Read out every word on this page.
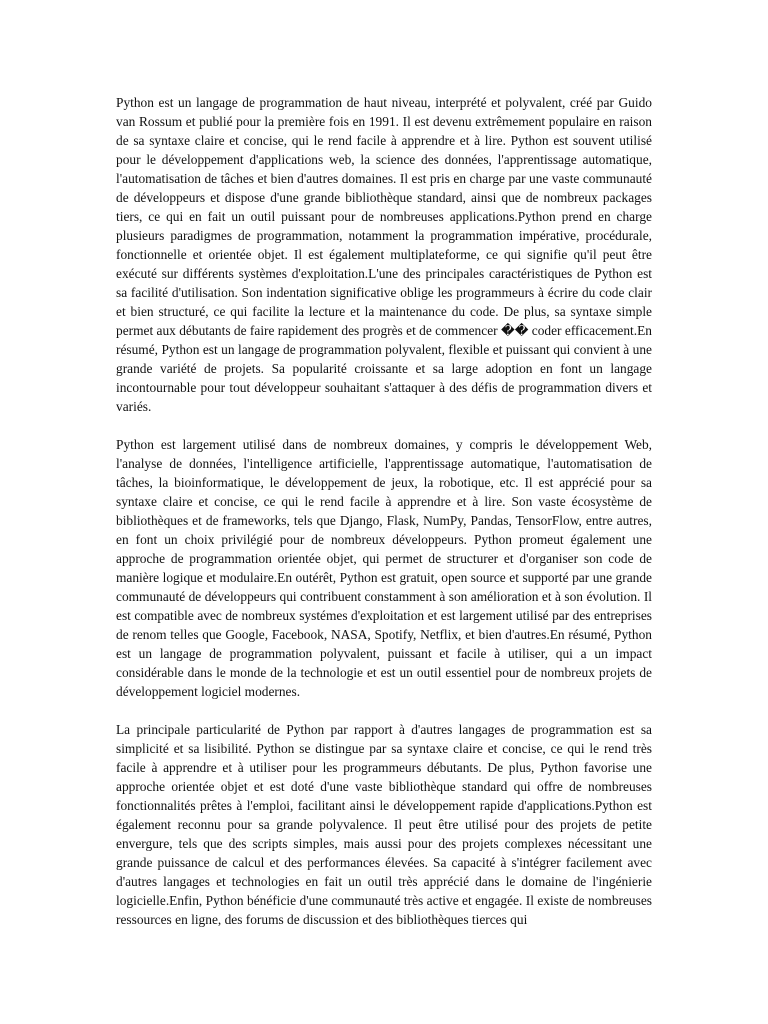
Python est un langage de programmation de haut niveau, interprété et polyvalent, créé par Guido van Rossum et publié pour la première fois en 1991. Il est devenu extrêmement populaire en raison de sa syntaxe claire et concise, qui le rend facile à apprendre et à lire. Python est souvent utilisé pour le développement d'applications web, la science des données, l'apprentissage automatique, l'automatisation de tâches et bien d'autres domaines. Il est pris en charge par une vaste communauté de développeurs et dispose d'une grande bibliothèque standard, ainsi que de nombreux packages tiers, ce qui en fait un outil puissant pour de nombreuses applications.Python prend en charge plusieurs paradigmes de programmation, notamment la programmation impérative, procédurale, fonctionnelle et orientée objet. Il est également multiplateforme, ce qui signifie qu'il peut être exécuté sur différents systèmes d'exploitation.L'une des principales caractéristiques de Python est sa facilité d'utilisation. Son indentation significative oblige les programmeurs à écrire du code clair et bien structuré, ce qui facilite la lecture et la maintenance du code. De plus, sa syntaxe simple permet aux débutants de faire rapidement des progrès et de commencer �� coder efficacement.En résumé, Python est un langage de programmation polyvalent, flexible et puissant qui convient à une grande variété de projets. Sa popularité croissante et sa large adoption en font un langage incontournable pour tout développeur souhaitant s'attaquer à des défis de programmation divers et variés.

Python est largement utilisé dans de nombreux domaines, y compris le développement Web, l'analyse de données, l'intelligence artificielle, l'apprentissage automatique, l'automatisation de tâches, la bioinformatique, le développement de jeux, la robotique, etc. Il est apprécié pour sa syntaxe claire et concise, ce qui le rend facile à apprendre et à lire. Son vaste écosystème de bibliothèques et de frameworks, tels que Django, Flask, NumPy, Pandas, TensorFlow, entre autres, en font un choix privilégié pour de nombreux développeurs. Python promeut également une approche de programmation orientée objet, qui permet de structurer et d'organiser son code de manière logique et modulaire.En outérêt, Python est gratuit, open source et supporté par une grande communauté de développeurs qui contribuent constamment à son amélioration et à son évolution. Il est compatible avec de nombreux systémes d'exploitation et est largement utilisé par des entreprises de renom telles que Google, Facebook, NASA, Spotify, Netflix, et bien d'autres.En résumé, Python est un langage de programmation polyvalent, puissant et facile à utiliser, qui a un impact considérable dans le monde de la technologie et est un outil essentiel pour de nombreux projets de développement logiciel modernes.

La principale particularité de Python par rapport à d'autres langages de programmation est sa simplicité et sa lisibilité. Python se distingue par sa syntaxe claire et concise, ce qui le rend très facile à apprendre et à utiliser pour les programmeurs débutants. De plus, Python favorise une approche orientée objet et est doté d'une vaste bibliothèque standard qui offre de nombreuses fonctionnalités prêtes à l'emploi, facilitant ainsi le développement rapide d'applications.Python est également reconnu pour sa grande polyvalence. Il peut être utilisé pour des projets de petite envergure, tels que des scripts simples, mais aussi pour des projets complexes nécessitant une grande puissance de calcul et des performances élevées. Sa capacité à s'intégrer facilement avec d'autres langages et technologies en fait un outil très apprécié dans le domaine de l'ingénierie logicielle.Enfin, Python bénéficie d'une communauté très active et engagée. Il existe de nombreuses ressources en ligne, des forums de discussion et des bibliothèques tierces qui
